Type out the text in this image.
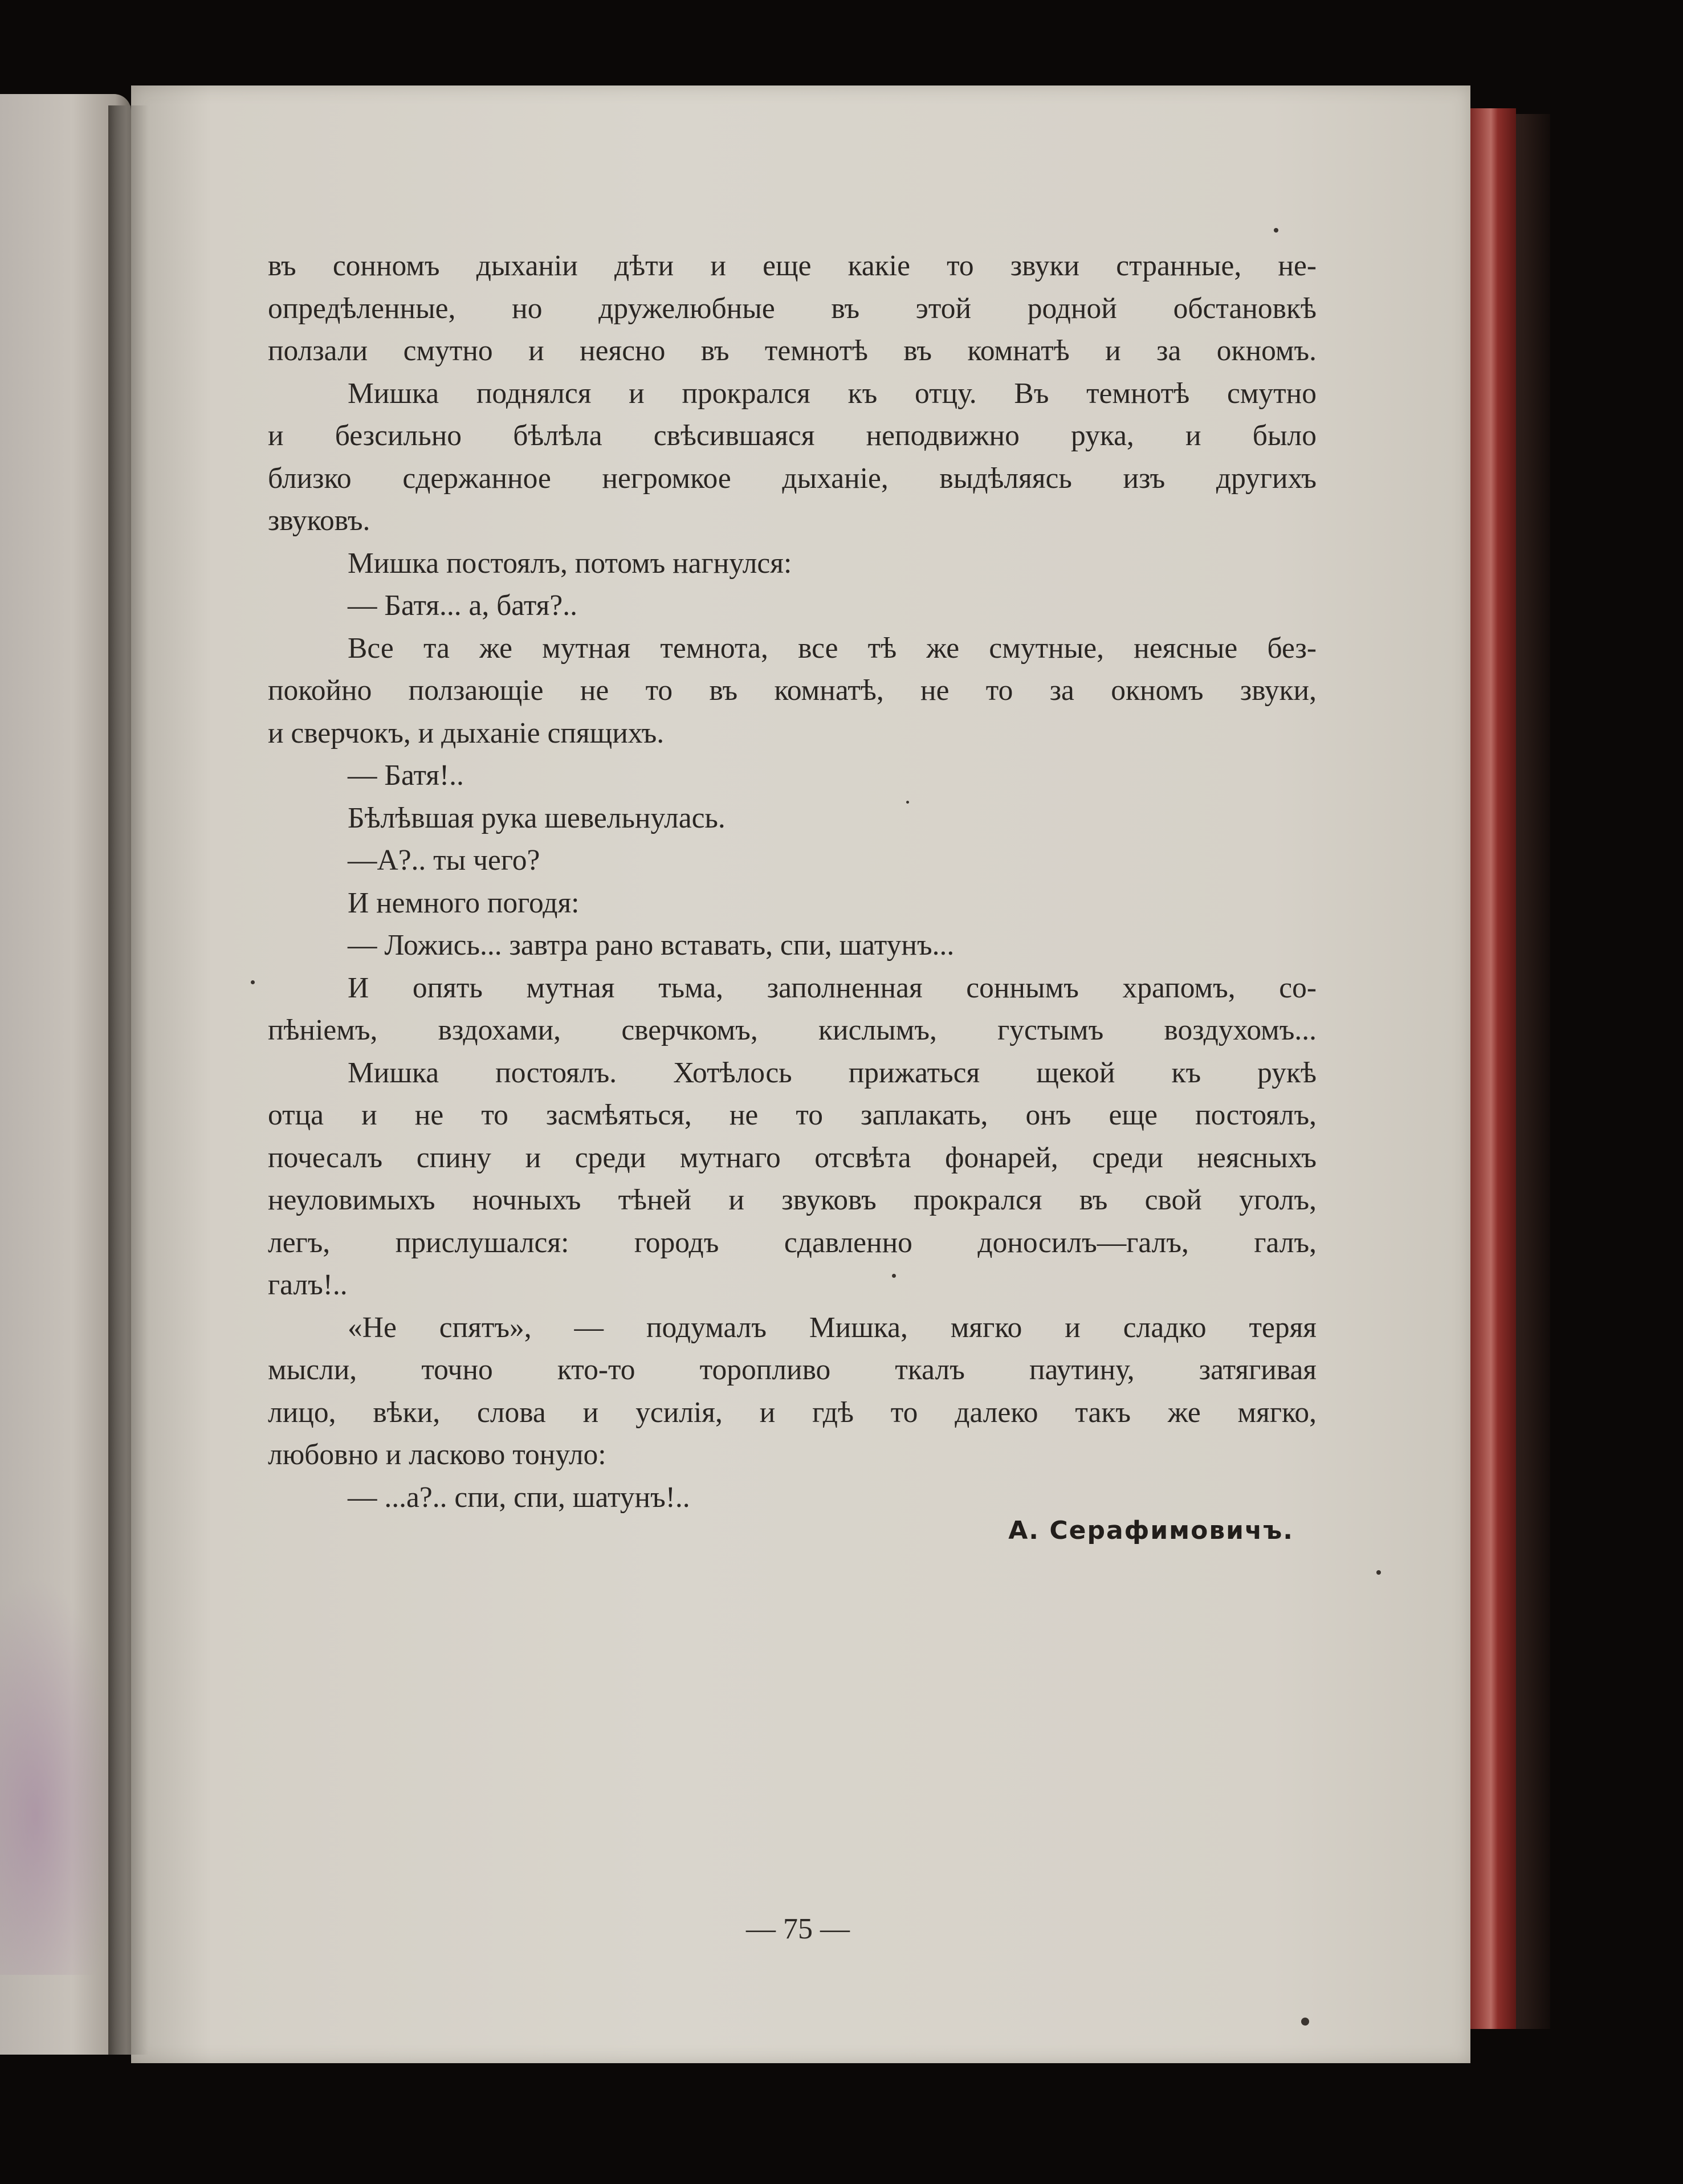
въ сонномъ дыханiи дѣти и еще какiе то звуки странные, не-
опредѣленные, но дружелюбные въ этой родной обстановкѣ
ползали смутно и неясно въ темнотѣ въ комнатѣ и за окномъ.
Мишка поднялся и прокрался къ отцу. Въ темнотѣ смутно
и безсильно бѣлѣла свѣсившаяся неподвижно рука, и было
близко сдержанное негромкое дыханiе, выдѣляясь изъ другихъ
звуковъ.
Мишка постоялъ, потомъ нагнулся:
— Батя... а, батя?..
Все та же мутная темнота, все тѣ же смутные, неясные без-
покойно ползающiе не то въ комнатѣ, не то за окномъ звуки,
и сверчокъ, и дыханiе спящихъ.
— Батя!..
Бѣлѣвшая рука шевельнулась.
—А?.. ты чего?
И немного погодя:
— Ложись... завтра рано вставать, спи, шатунъ...
И опять мутная тьма, заполненная соннымъ храпомъ, со-
пѣнiемъ, вздохами, сверчкомъ, кислымъ, густымъ воздухомъ...
Мишка постоялъ. Хотѣлось прижаться щекой къ рукѣ
отца и не то засмѣяться, не то заплакать, онъ еще постоялъ,
почесалъ спину и среди мутнаго отсвѣта фонарей, среди неясныхъ
неуловимыхъ ночныхъ тѣней и звуковъ прокрался въ свой уголъ,
легъ, прислушался: городъ сдавленно доносилъ—галъ, галъ,
галъ!..
«Не спятъ», — подумалъ Мишка, мягко и сладко теряя
мысли, точно кто-то торопливо ткалъ паутину, затягивая
лицо, вѣки, слова и усилiя, и гдѣ то далеко такъ же мягко,
любовно и ласково тонуло:
— ...а?.. спи, спи, шатунъ!..
А. Серафимовичъ.
— 75 —
